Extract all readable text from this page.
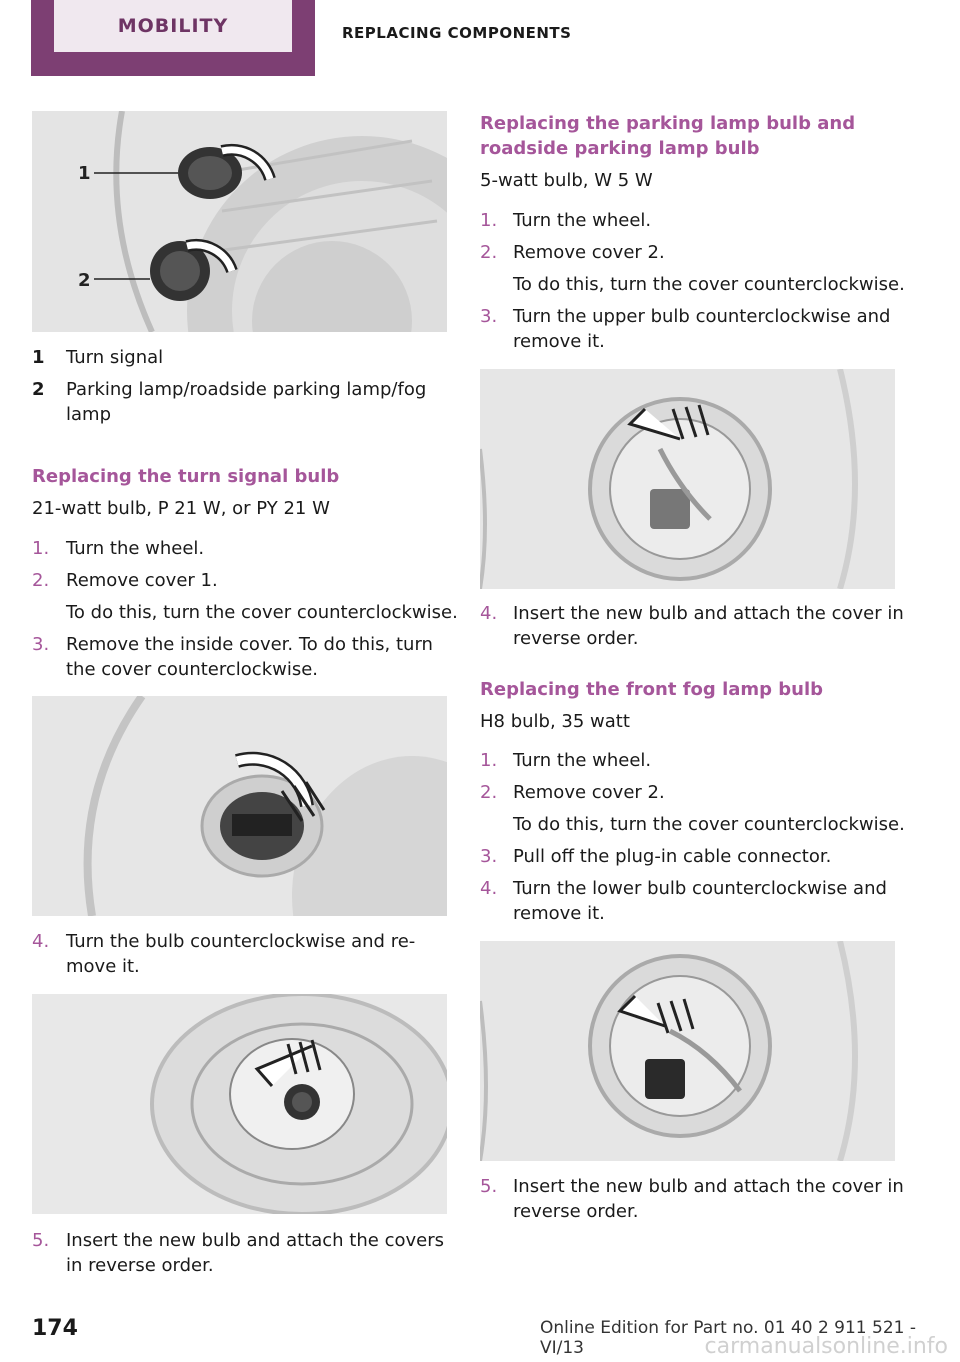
MOBILITY	REPLACING COMPONENTS
1
2
1 Turn signal
2 Parking lamp/roadside parking lamp/fog
lamp
Replacing the turn signal bulb
21-watt bulb, P 21 W, or PY 21 W
1. Turn the wheel.
2. Remove cover 1.
To do this, turn the cover counterclockwise.
3. Remove the inside cover. To do this, turn
the cover counterclockwise.
4. Turn the bulb counterclockwise and re‐
move it.
5. Insert the new bulb and attach the covers
in reverse order.
Replacing the parking lamp bulb and
roadside parking lamp bulb
5-watt bulb, W 5 W
1. Turn the wheel.
2. Remove cover 2.
To do this, turn the cover counterclockwise.
3. Turn the upper bulb counterclockwise and
remove it.
4. Insert the new bulb and attach the cover in
reverse order.
Replacing the front fog lamp bulb
H8 bulb, 35 watt
1. Turn the wheel.
2. Remove cover 2.
To do this, turn the cover counterclockwise.
3. Pull off the plug-in cable connector.
4. Turn the lower bulb counterclockwise and
remove it.
5. Insert the new bulb and attach the cover in
reverse order.
174	Online Edition for Part no. 01 40 2 911 521 - VI/13	carmanualsonline.info
